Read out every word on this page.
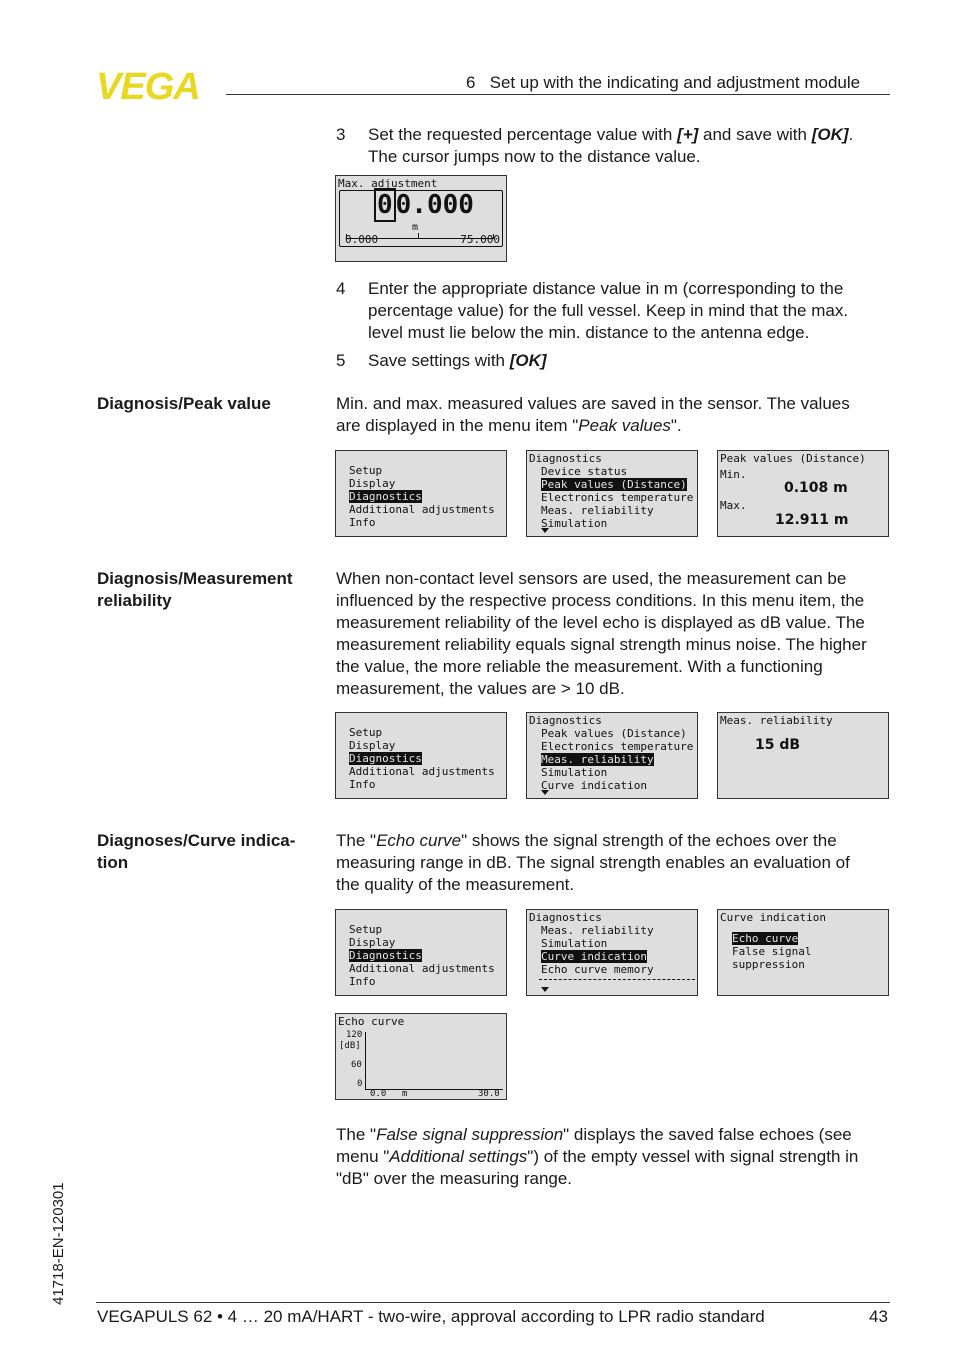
VEGA	6 Set up with the indicating and adjustment module
3	Set the requested percentage value with [+] and save with [OK].
The cursor jumps now to the distance value.
Max. adjustment
0 0.000
m
0.000	75.000
4	Enter the appropriate distance value in m (corresponding to the
percentage value) for the full vessel. Keep in mind that the max.
level must lie below the min. distance to the antenna edge.
5	Save settings with [OK]
Diagnosis/Peak value	Min. and max. measured values are saved in the sensor. The values
are displayed in the menu item "Peak values".
Setup
Display
Diagnostics
Additional adjustments
Info
Diagnostics
Device status
Peak values (Distance)
Electronics temperature
Meas. reliability
Simulation
Peak values (Distance)
Min.
0.108 m
Max.
12.911 m
Diagnosis/Measurement
reliability
When non-contact level sensors are used, the measurement can be
influenced by the respective process conditions. In this menu item, the
measurement reliability of the level echo is displayed as dB value. The
measurement reliability equals signal strength minus noise. The higher
the value, the more reliable the measurement. With a functioning
measurement, the values are > 10 dB.
Setup
Display
Diagnostics
Additional adjustments
Info
Diagnostics
Peak values (Distance)
Electronics temperature
Meas. reliability
Simulation
Curve indication
Meas. reliability
15 dB
Diagnoses/Curve indica-
tion
The "Echo curve" shows the signal strength of the echoes over the
measuring range in dB. The signal strength enables an evaluation of
the quality of the measurement.
Setup
Display
Diagnostics
Additional adjustments
Info
Diagnostics
Meas. reliability
Simulation
Curve indication
Echo curve memory
Curve indication
Echo curve
False signal suppression
Echo curve
120
[dB]
60
0
0.0 m	30.0
The "False signal suppression" displays the saved false echoes (see
menu "Additional settings") of the empty vessel with signal strength in
"dB" over the measuring range.
41718-EN-120301
VEGAPULS 62 • 4 … 20 mA/HART - two-wire, approval according to LPR radio standard	43
